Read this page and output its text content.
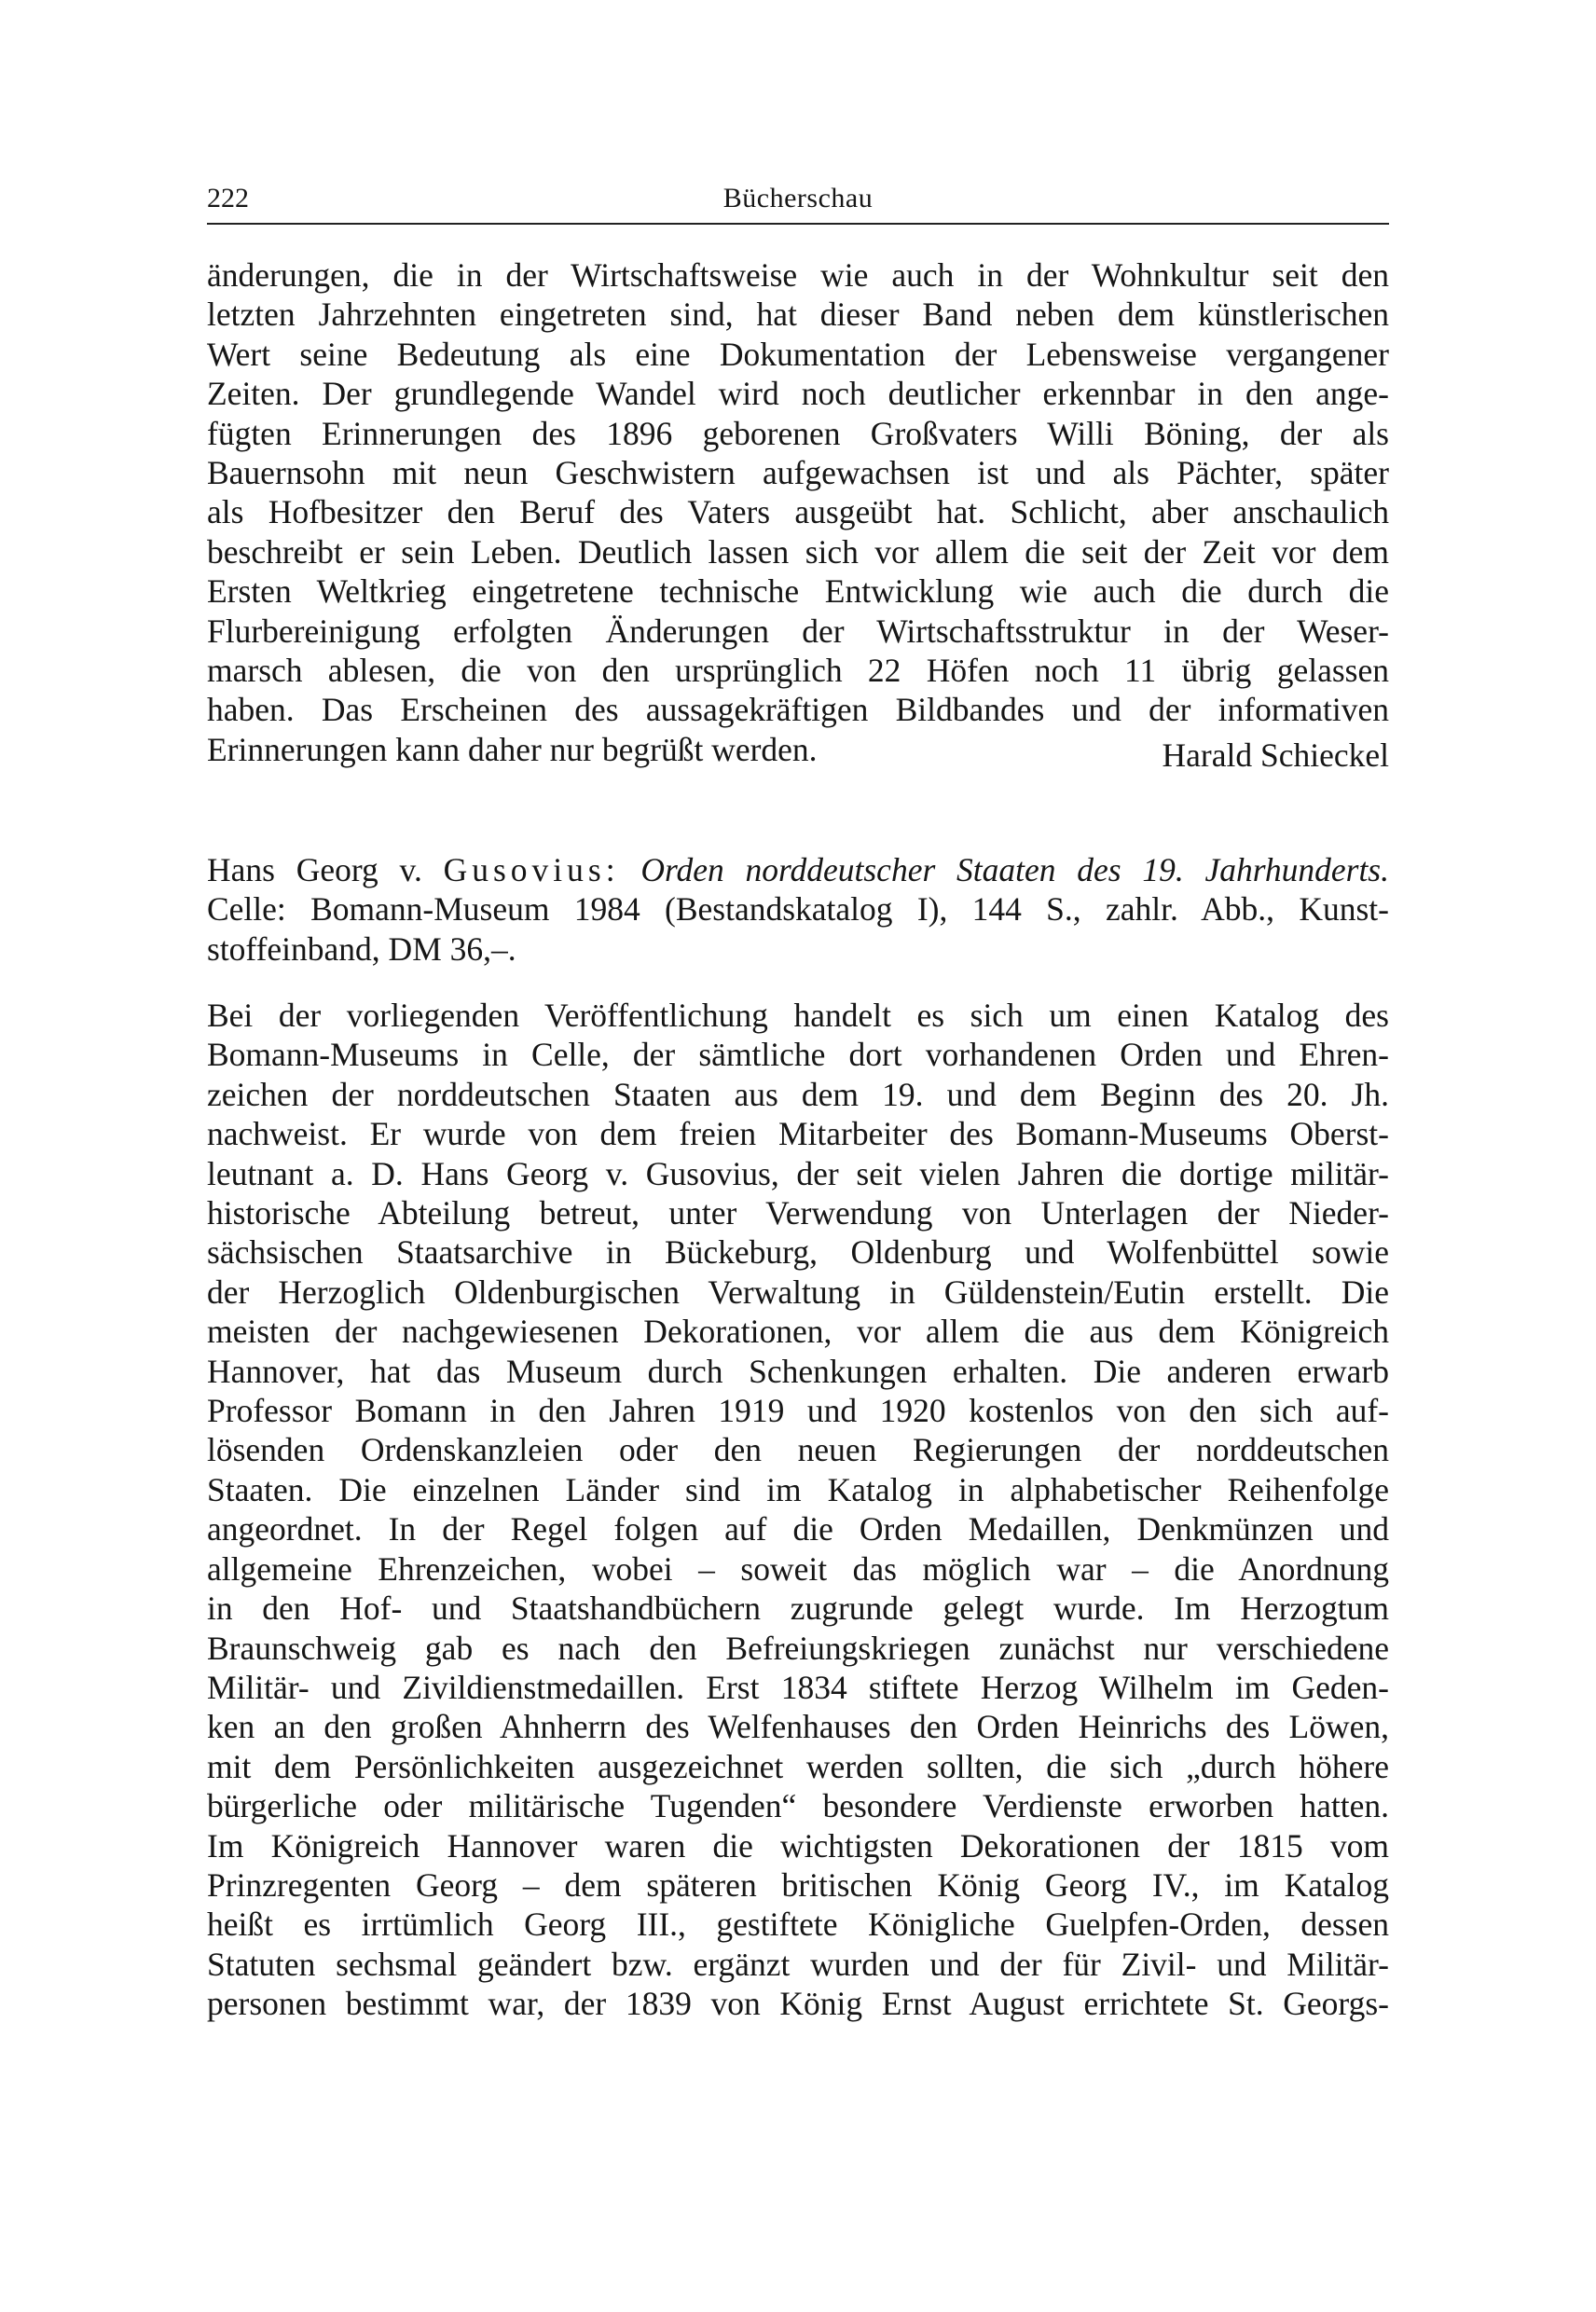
222	Bücherschau
änderungen, die in der Wirtschaftsweise wie auch in der Wohnkultur seit den
letzten Jahrzehnten eingetreten sind, hat dieser Band neben dem künstlerischen
Wert seine Bedeutung als eine Dokumentation der Lebensweise vergangener
Zeiten. Der grundlegende Wandel wird noch deutlicher erkennbar in den ange-
fügten Erinnerungen des 1896 geborenen Großvaters Willi Böning, der als
Bauernsohn mit neun Geschwistern aufgewachsen ist und als Pächter, später
als Hofbesitzer den Beruf des Vaters ausgeübt hat. Schlicht, aber anschaulich
beschreibt er sein Leben. Deutlich lassen sich vor allem die seit der Zeit vor dem
Ersten Weltkrieg eingetretene technische Entwicklung wie auch die durch die
Flurbereinigung erfolgten Änderungen der Wirtschaftsstruktur in der Weser-
marsch ablesen, die von den ursprünglich 22 Höfen noch 11 übrig gelassen
haben. Das Erscheinen des aussagekräftigen Bildbandes und der informativen
Erinnerungen kann daher nur begrüßt werden.	Harald Schieckel
Hans Georg v. Gusovius: Orden norddeutscher Staaten des 19. Jahrhunderts.
Celle: Bomann-Museum 1984 (Bestandskatalog I), 144 S., zahlr. Abb., Kunst-
stoffeinband, DM 36,–.
Bei der vorliegenden Veröffentlichung handelt es sich um einen Katalog des
Bomann-Museums in Celle, der sämtliche dort vorhandenen Orden und Ehren-
zeichen der norddeutschen Staaten aus dem 19. und dem Beginn des 20. Jh.
nachweist. Er wurde von dem freien Mitarbeiter des Bomann-Museums Oberst-
leutnant a. D. Hans Georg v. Gusovius, der seit vielen Jahren die dortige militär-
historische Abteilung betreut, unter Verwendung von Unterlagen der Nieder-
sächsischen Staatsarchive in Bückeburg, Oldenburg und Wolfenbüttel sowie
der Herzoglich Oldenburgischen Verwaltung in Güldenstein/Eutin erstellt. Die
meisten der nachgewiesenen Dekorationen, vor allem die aus dem Königreich
Hannover, hat das Museum durch Schenkungen erhalten. Die anderen erwarb
Professor Bomann in den Jahren 1919 und 1920 kostenlos von den sich auf-
lösenden Ordenskanzleien oder den neuen Regierungen der norddeutschen
Staaten. Die einzelnen Länder sind im Katalog in alphabetischer Reihenfolge
angeordnet. In der Regel folgen auf die Orden Medaillen, Denkmünzen und
allgemeine Ehrenzeichen, wobei – soweit das möglich war – die Anordnung
in den Hof- und Staatshandbüchern zugrunde gelegt wurde. Im Herzogtum
Braunschweig gab es nach den Befreiungskriegen zunächst nur verschiedene
Militär- und Zivildienstmedaillen. Erst 1834 stiftete Herzog Wilhelm im Geden-
ken an den großen Ahnherrn des Welfenhauses den Orden Heinrichs des Löwen,
mit dem Persönlichkeiten ausgezeichnet werden sollten, die sich „durch höhere
bürgerliche oder militärische Tugenden“ besondere Verdienste erworben hatten.
Im Königreich Hannover waren die wichtigsten Dekorationen der 1815 vom
Prinzregenten Georg – dem späteren britischen König Georg IV., im Katalog
heißt es irrtümlich Georg III., gestiftete Königliche Guelpfen-Orden, dessen
Statuten sechsmal geändert bzw. ergänzt wurden und der für Zivil- und Militär-
personen bestimmt war, der 1839 von König Ernst August errichtete St. Georgs-
